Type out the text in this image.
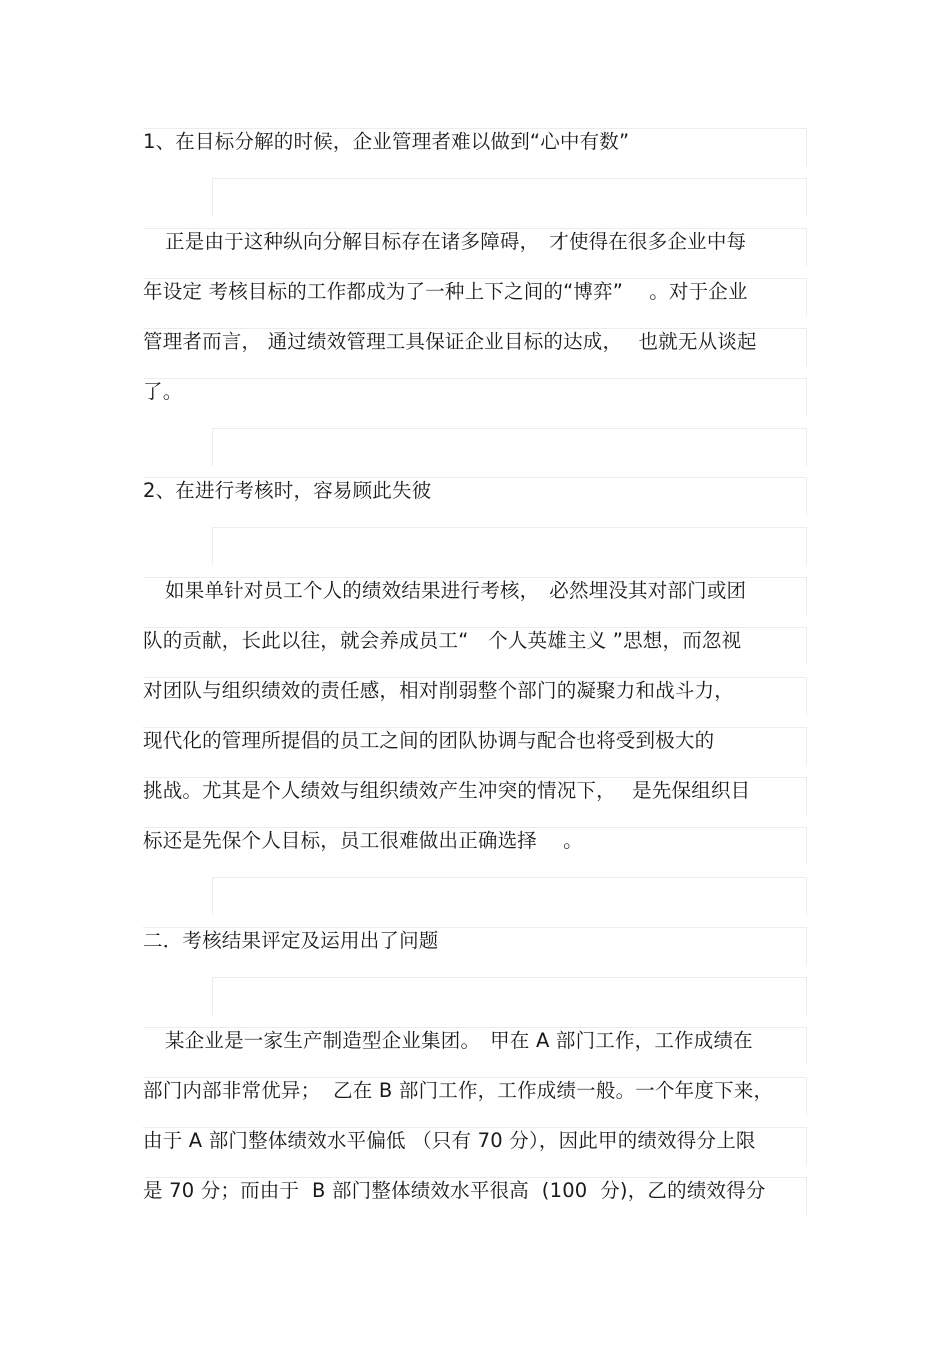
1、在目标分解的时候，企业管理者难以做到“心中有数”
正是由于这种纵向分解目标存在诸多障碍，　才使得在很多企业中每
年设定 考核目标的工作都成为了一种上下之间的“博弈”　 。对于企业
管理者而言， 通过绩效管理工具保证企业目标的达成，　 也就无从谈起
了。
2、在进行考核时，容易顾此失彼
如果单针对员工个人的绩效结果进行考核，　必然埋没其对部门或团
队的贡献，长此以往，就会养成员工“　个人英雄主义 ”思想，而忽视
对团队与组织绩效的责任感，相对削弱整个部门的凝聚力和战斗力，
现代化的管理所提倡的员工之间的团队协调与配合也将受到极大的
挑战。尤其是个人绩效与组织绩效产生冲突的情况下，　 是先保组织目
标还是先保个人目标，员工很难做出正确选择　 。
二．考核结果评定及运用出了问题
某企业是一家生产制造型企业集团。　甲在 A 部门工作，工作成绩在
部门内部非常优异；  乙在 B 部门工作，工作成绩一般。一个年度下来，
由于 A 部门整体绩效水平偏低 （只有 70 分），因此甲的绩效得分上限
是 70 分；而由于  B 部门整体绩效水平很高  (100  分)，乙的绩效得分
